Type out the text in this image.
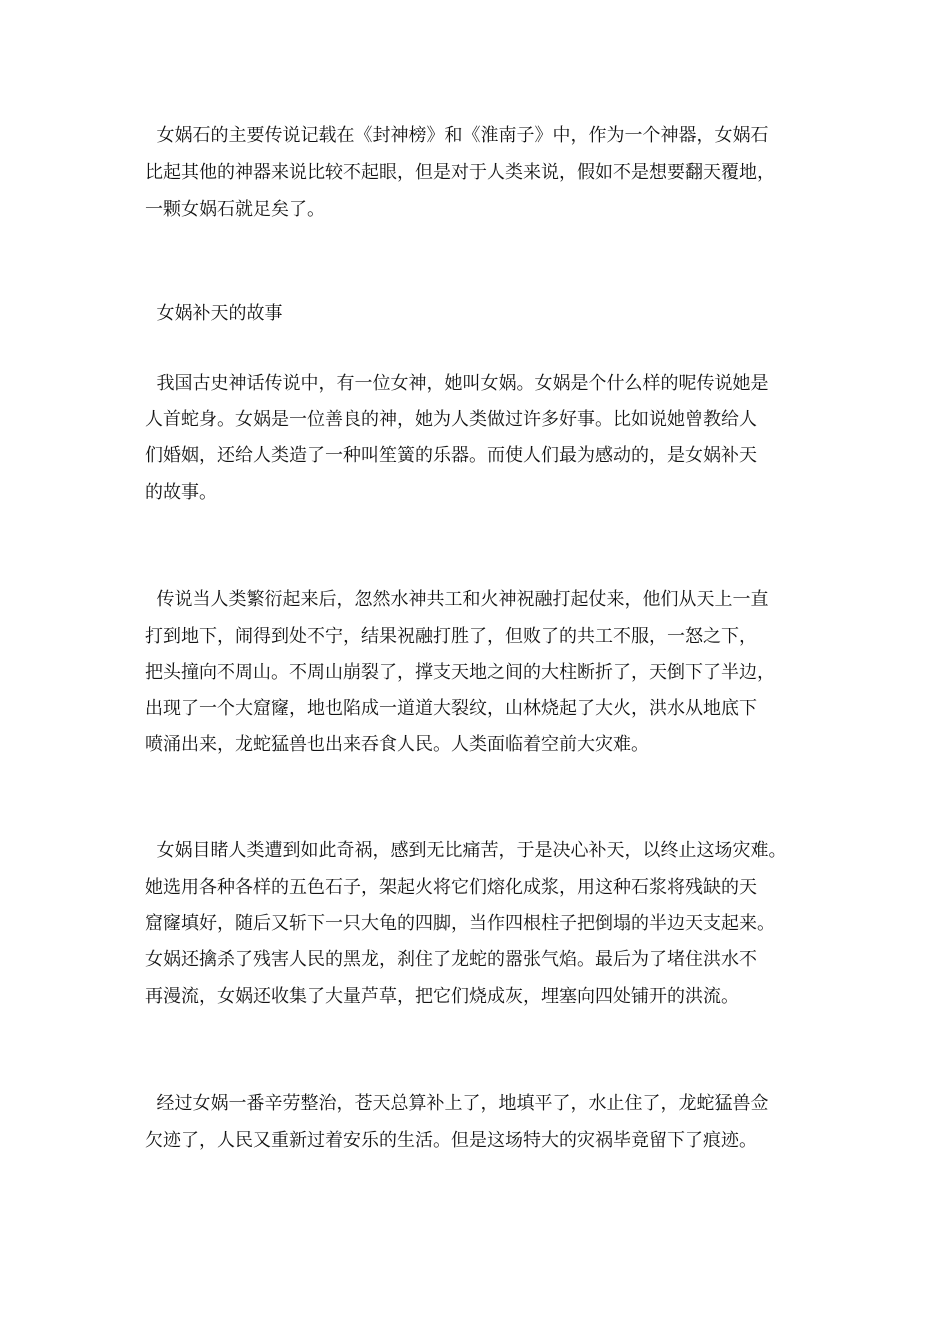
女娲石的主要传说记载在《封神榜》和《淮南子》中，作为一个神器，女娲石

比起其他的神器来说比较不起眼，但是对于人类来说，假如不是想要翻天覆地，

一颗女娲石就足矣了。

女娲补天的故事

我国古史神话传说中，有一位女神，她叫女娲。女娲是个什么样的呢传说她是

人首蛇身。女娲是一位善良的神，她为人类做过许多好事。比如说她曾教给人

们婚姻，还给人类造了一种叫笙簧的乐器。而使人们最为感动的，是女娲补天

的故事。

传说当人类繁衍起来后，忽然水神共工和火神祝融打起仗来，他们从天上一直

打到地下，闹得到处不宁，结果祝融打胜了，但败了的共工不服，一怒之下，

把头撞向不周山。不周山崩裂了，撑支天地之间的大柱断折了，天倒下了半边，

出现了一个大窟窿，地也陷成一道道大裂纹，山林烧起了大火，洪水从地底下

喷涌出来，龙蛇猛兽也出来吞食人民。人类面临着空前大灾难。

女娲目睹人类遭到如此奇祸，感到无比痛苦，于是决心补天，以终止这场灾难。

她选用各种各样的五色石子，架起火将它们熔化成浆，用这种石浆将残缺的天

窟窿填好，随后又斩下一只大龟的四脚，当作四根柱子把倒塌的半边天支起来。

女娲还擒杀了残害人民的黑龙，刹住了龙蛇的嚣张气焰。最后为了堵住洪水不

再漫流，女娲还收集了大量芦草，把它们烧成灰，埋塞向四处铺开的洪流。

经过女娲一番辛劳整治，苍天总算补上了，地填平了，水止住了，龙蛇猛兽佥

欠迹了，人民又重新过着安乐的生活。但是这场特大的灾祸毕竟留下了痕迹。
